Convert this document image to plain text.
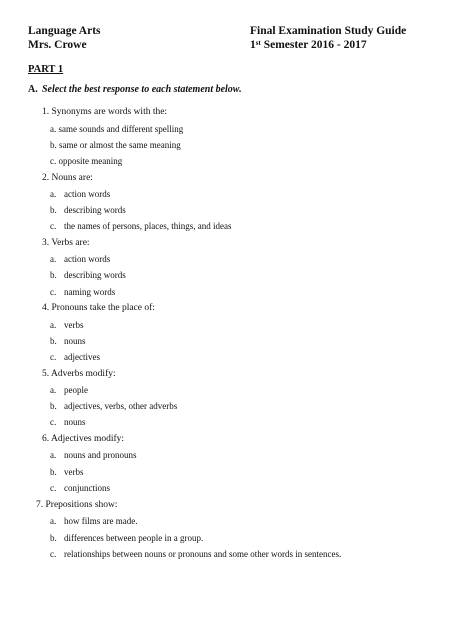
Language Arts
Mrs. Crowe
Final Examination Study Guide
1st Semester 2016 - 2017
PART 1
A. Select the best response to each statement below.
1. Synonyms are words with the:
a. same sounds and different spelling
b. same or almost the same meaning
c. opposite meaning
2. Nouns are:
a. action words
b. describing words
c. the names of persons, places, things, and ideas
3. Verbs are:
a. action words
b. describing words
c. naming words
4. Pronouns take the place of:
a. verbs
b. nouns
c. adjectives
5. Adverbs modify:
a. people
b. adjectives, verbs, other adverbs
c. nouns
6. Adjectives modify:
a. nouns and pronouns
b. verbs
c. conjunctions
7. Prepositions show:
a. how films are made.
b. differences between people in a group.
c. relationships between nouns or pronouns and some other words in sentences.
